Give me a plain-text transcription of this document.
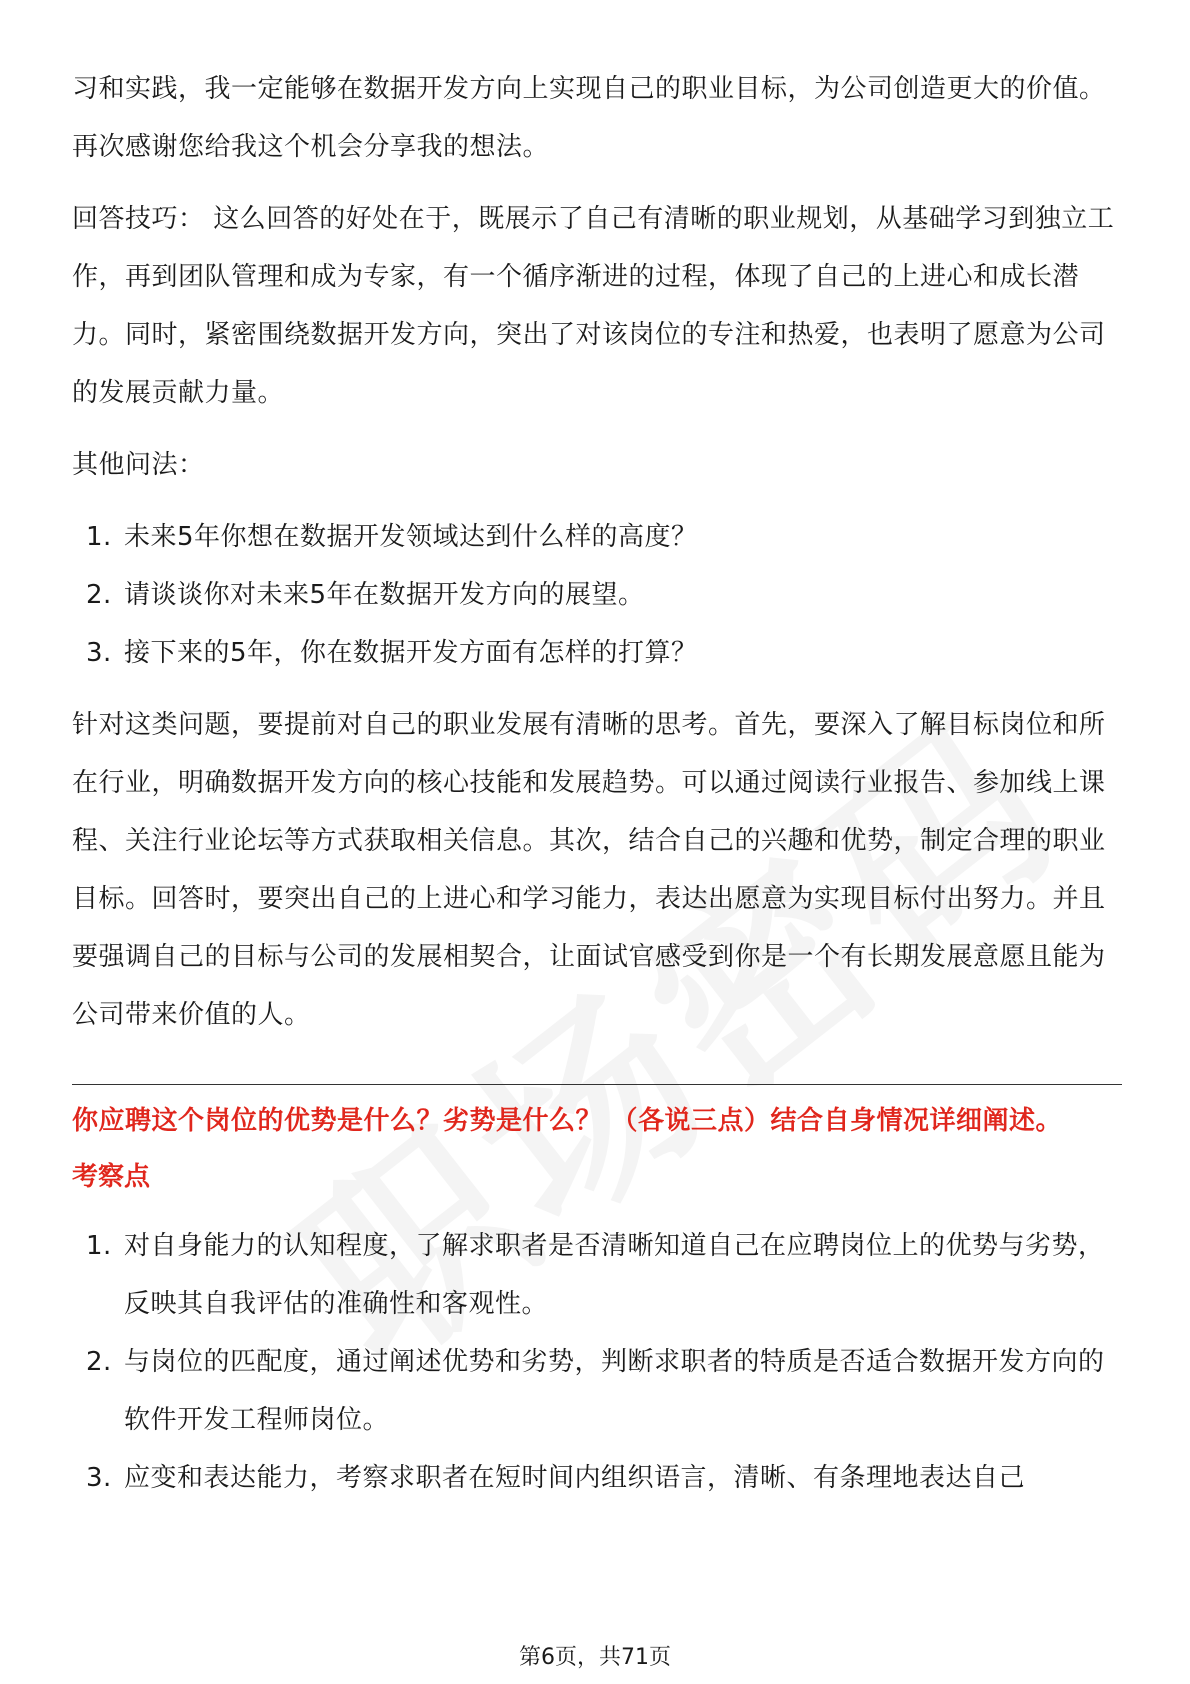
习和实践，我一定能够在数据开发方向上实现自己的职业目标，为公司创造更大的价值。再次感谢您给我这个机会分享我的想法。

回答技巧： 这么回答的好处在于，既展示了自己有清晰的职业规划，从基础学习到独立工作，再到团队管理和成为专家，有一个循序渐进的过程，体现了自己的上进心和成长潜力。同时，紧密围绕数据开发方向，突出了对该岗位的专注和热爱，也表明了愿意为公司的发展贡献力量。

其他问法：

1. 未来5年你想在数据开发领域达到什么样的高度？
2. 请谈谈你对未来5年在数据开发方向的展望。
3. 接下来的5年，你在数据开发方面有怎样的打算？

针对这类问题，要提前对自己的职业发展有清晰的思考。首先，要深入了解目标岗位和所在行业，明确数据开发方向的核心技能和发展趋势。可以通过阅读行业报告、参加线上课程、关注行业论坛等方式获取相关信息。其次，结合自己的兴趣和优势，制定合理的职业目标。回答时，要突出自己的上进心和学习能力，表达出愿意为实现目标付出努力。并且要强调自己的目标与公司的发展相契合，让面试官感受到你是一个有长期发展意愿且能为公司带来价值的人。

你应聘这个岗位的优势是什么？劣势是什么？ （各说三点）结合自身情况详细阐述。
考察点
1. 对自身能力的认知程度，了解求职者是否清晰知道自己在应聘岗位上的优势与劣势，反映其自我评估的准确性和客观性。
2. 与岗位的匹配度，通过阐述优势和劣势，判断求职者的特质是否适合数据开发方向的软件开发工程师岗位。
3. 应变和表达能力，考察求职者在短时间内组织语言，清晰、有条理地表达自己
第6页，共71页
